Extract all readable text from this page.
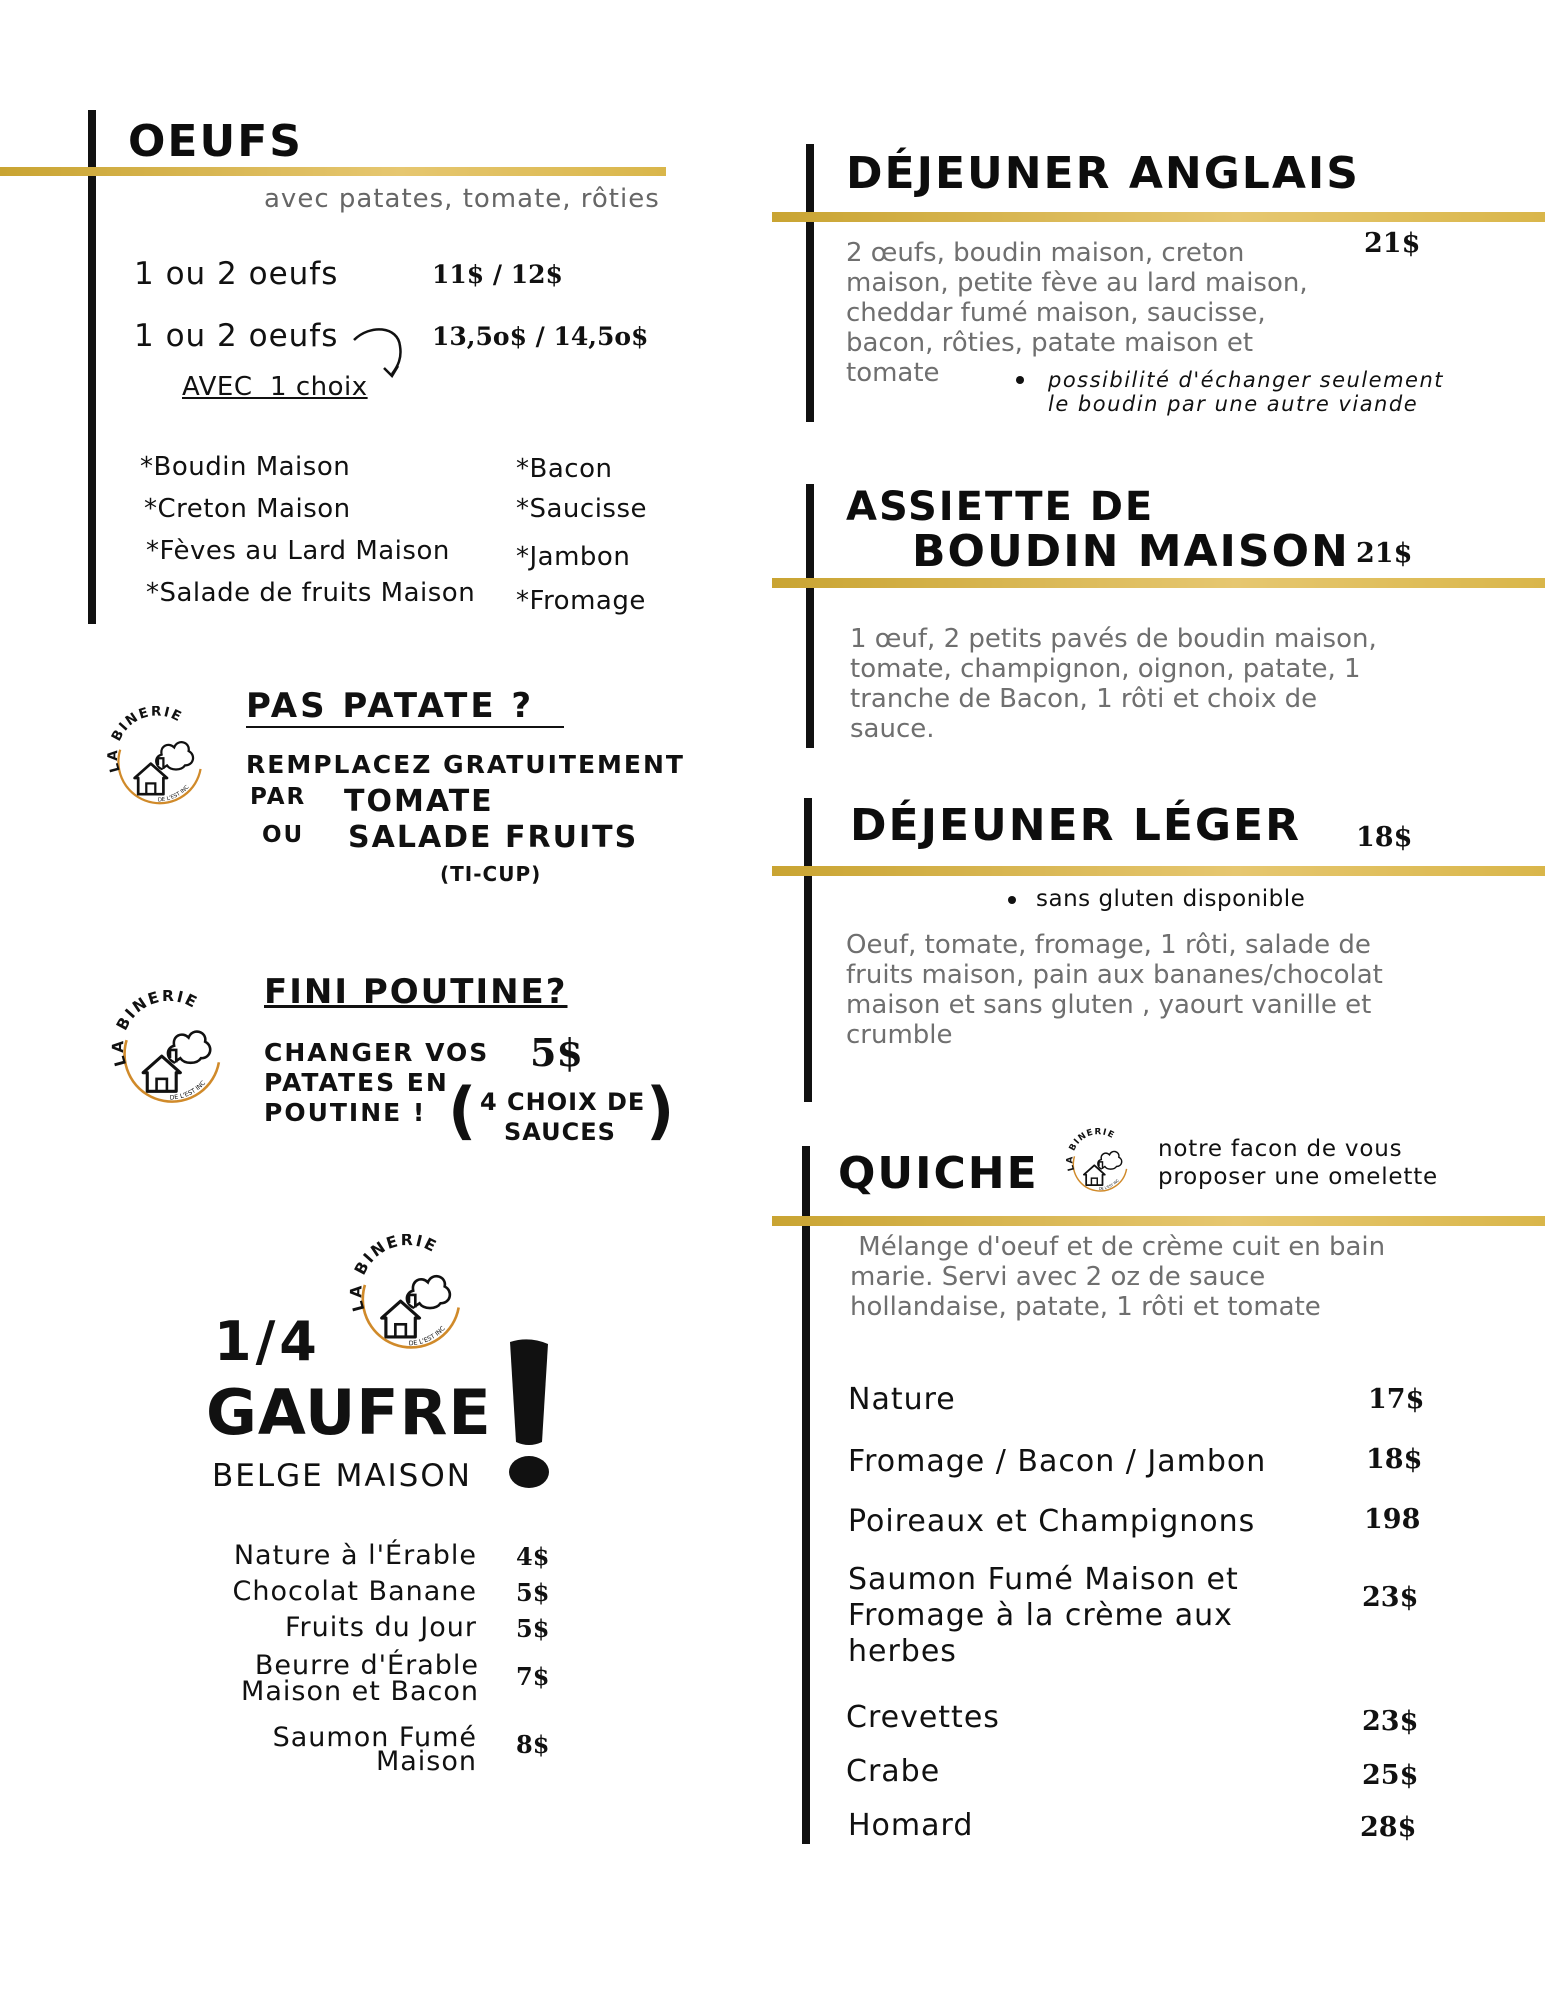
OEUFS
avec patates, tomate, rôties
1 ou 2 oeufs	11$ / 12$
1 ou 2 oeufs	13,5o$ / 14,5o$
AVEC  1 choix
*Boudin Maison
*Creton Maison
*Fèves au Lard Maison
*Salade de fruits Maison
*Bacon
*Saucisse
*Jambon
*Fromage
LA BINERIE
DE L'EST INC
PAS PATATE ?
REMPLACEZ GRATUITEMENT
PAR
OU
TOMATE
SALADE FRUITS
(TI-CUP)
LA BINERIE
DE L'EST INC
FINI POUTINE?
CHANGER VOS
PATATES EN
POUTINE !
5$
( 4 CHOIX DE
SAUCES )
LA BINERIE
DE L'EST INC
1/4
GAUFRE
BELGE MAISON
Nature à l'Érable 4$
Chocolat Banane 5$
Fruits du Jour 5$
Beurre d'Érable
Maison et Bacon 7$
Saumon Fumé
Maison
8$
DÉJEUNER ANGLAIS
21$
2 œufs, boudin maison, creton
maison, petite fève au lard maison,
cheddar fumé maison, saucisse,
bacon, rôties, patate maison et
tomate	possibilité d'échanger seulement
le boudin par une autre viande
ASSIETTE DE
BOUDIN MAISON 21$
1 œuf, 2 petits pavés de boudin maison,
tomate, champignon, oignon, patate, 1
tranche de Bacon, 1 rôti et choix de
sauce.
DÉJEUNER LÉGER 18$
sans gluten disponible
Oeuf, tomate, fromage, 1 rôti, salade de
fruits maison, pain aux bananes/chocolat
maison et sans gluten , yaourt vanille et
crumble
QUICHE LA BINERIE
DE L'EST INC
notre facon de vous
proposer une omelette
Mélange d'oeuf et de crème cuit en bain
marie. Servi avec 2 oz de sauce
hollandaise, patate, 1 rôti et tomate
Nature	17$
Fromage / Bacon / Jambon	18$
Poireaux et Champignons	198
Saumon Fumé Maison et
Fromage à la crème aux
herbes
23$
Crevettes	23$
Crabe	25$
Homard	28$
